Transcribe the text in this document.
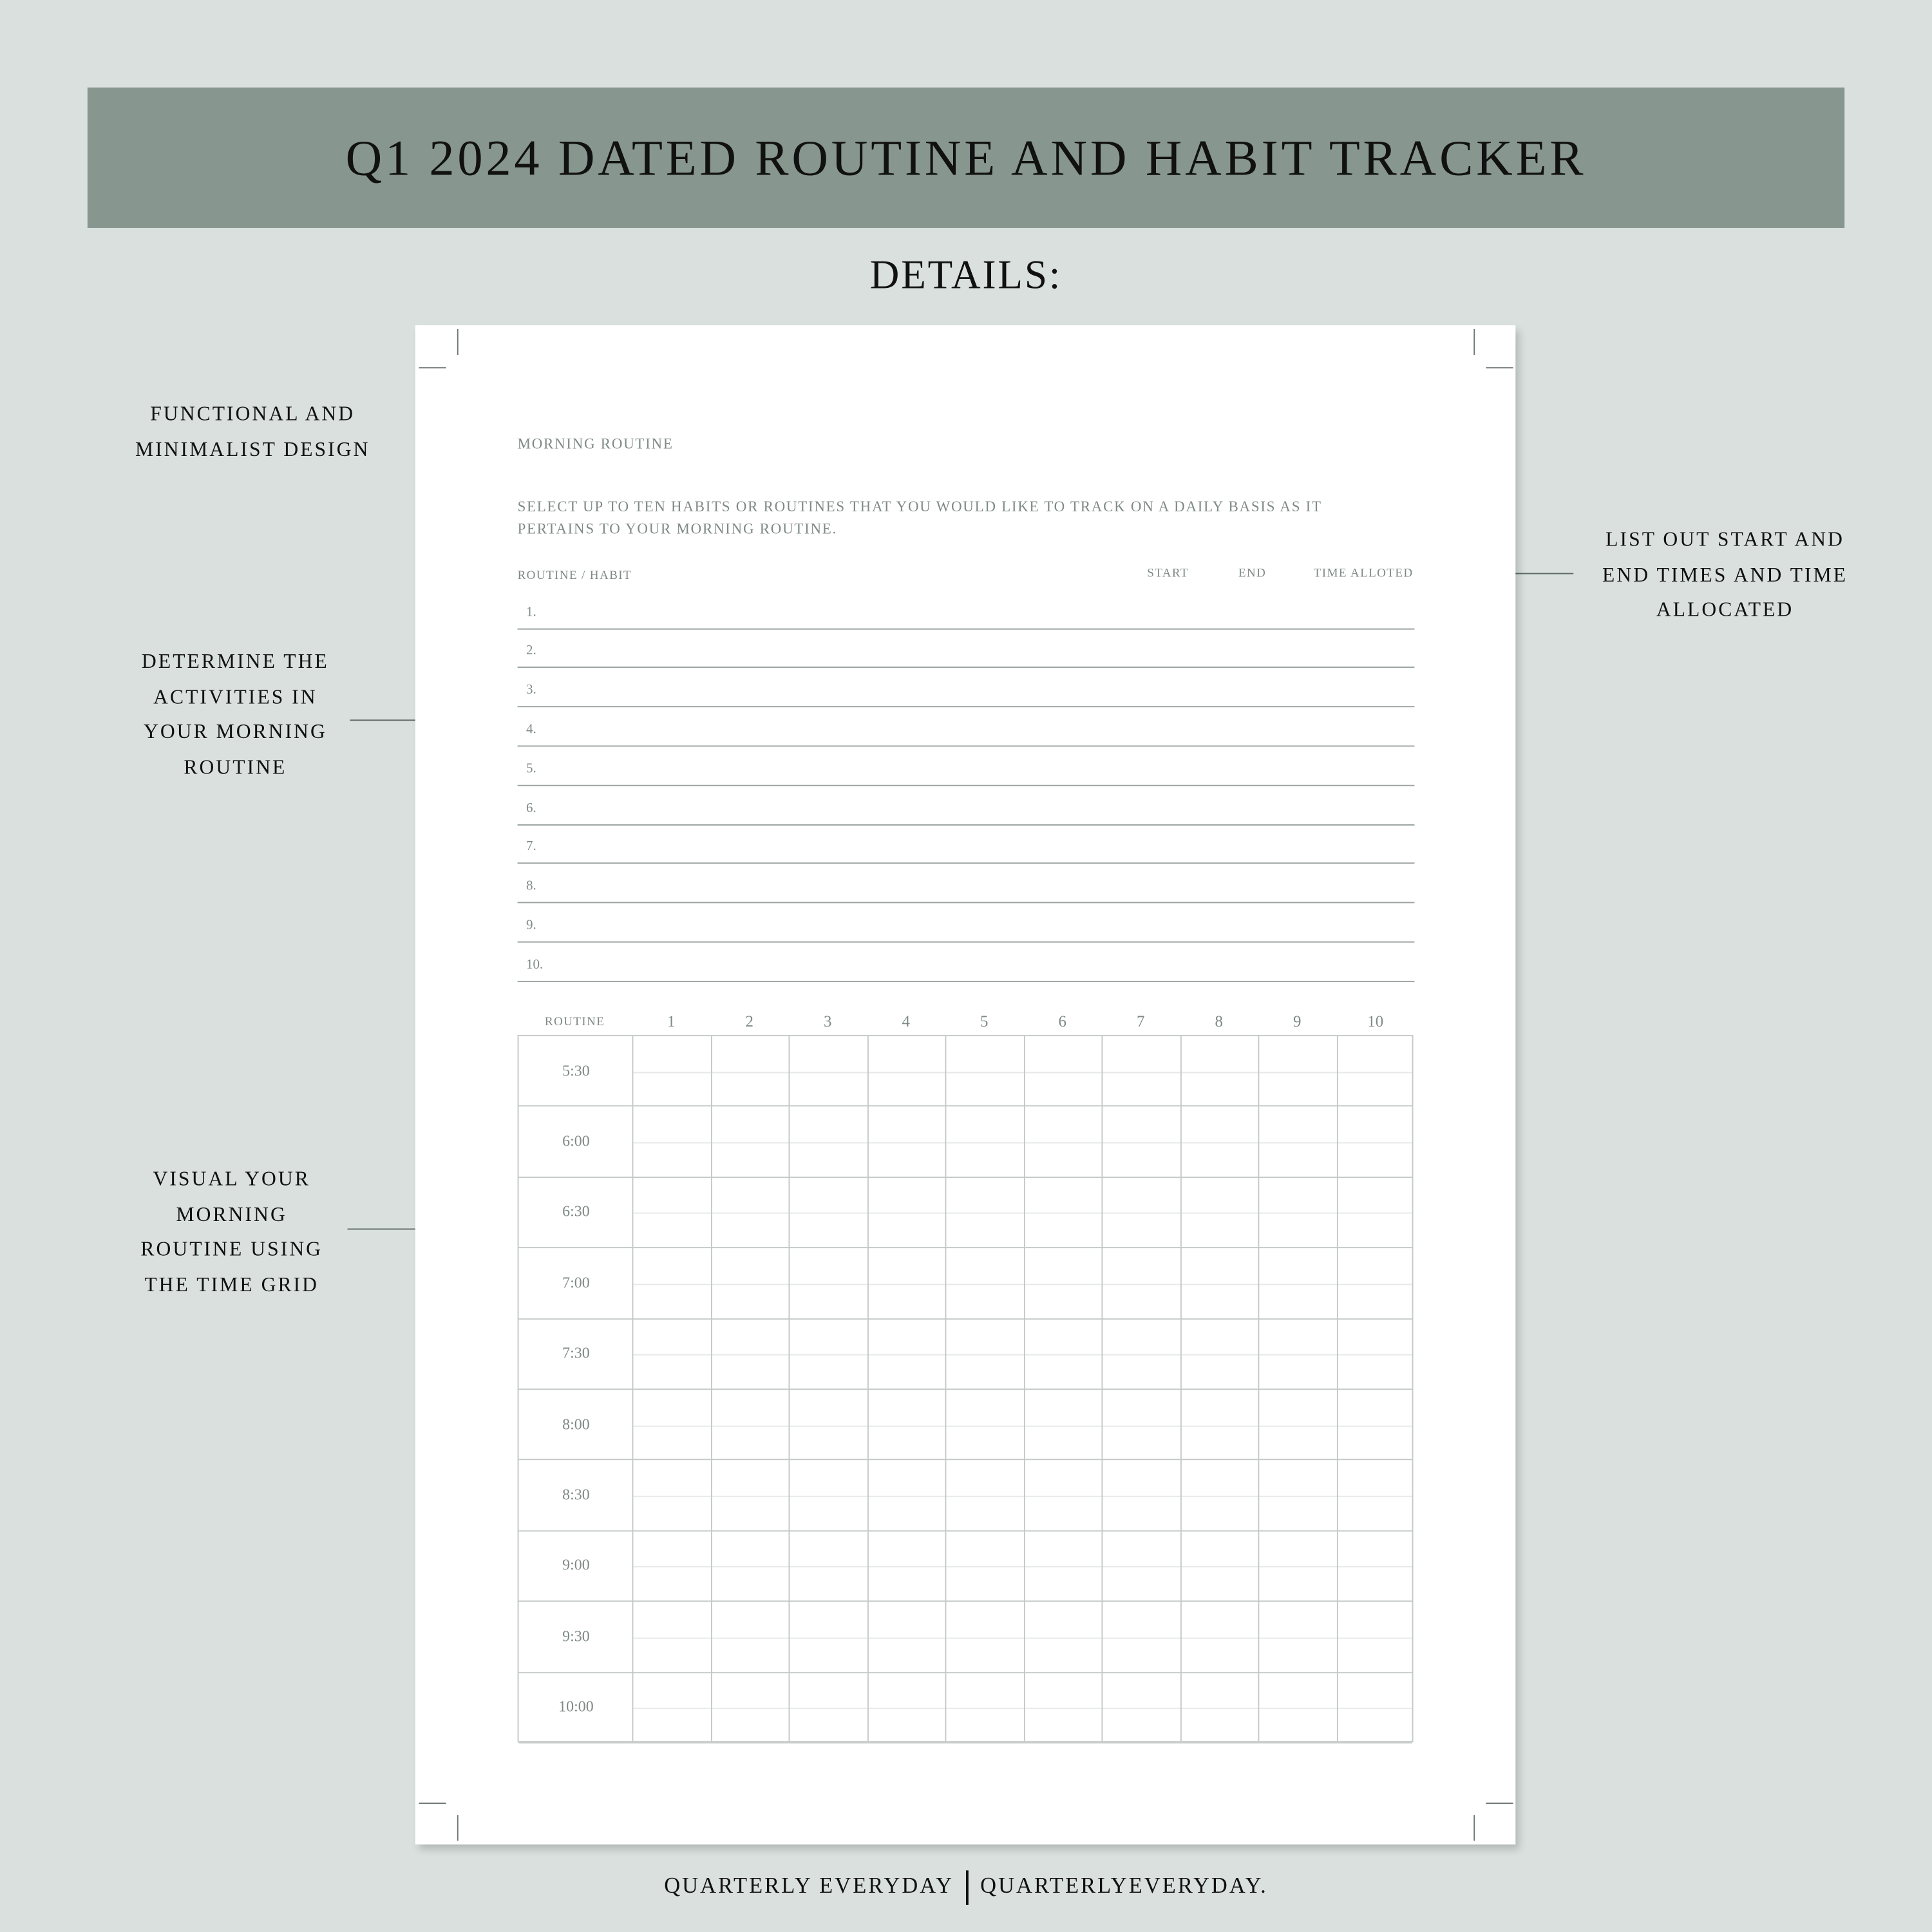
Q1 2024 DATED ROUTINE AND HABIT TRACKER
DETAILS:
FUNCTIONAL AND
MINIMALIST DESIGN
DETERMINE THE
ACTIVITIES IN
YOUR MORNING
ROUTINE
VISUAL YOUR
MORNING
ROUTINE USING
THE TIME GRID
LIST OUT START AND
END TIMES AND TIME
ALLOCATED
MORNING ROUTINE
SELECT UP TO TEN HABITS OR ROUTINES THAT YOU WOULD LIKE TO TRACK ON A DAILY BASIS AS IT
PERTAINS TO YOUR MORNING ROUTINE.
ROUTINE / HABIT	START	END	TIME ALLOTED
1.
2.
3.
4.
5.
6.
7.
8.
9.
10.
ROUTINE	1	2	3	4	5	6	7	8	9	10
5:30
6:00
6:30
7:00
7:30
8:00
8:30
9:00
9:30
10:00
QUARTERLY EVERYDAY QUARTERLYEVERYDAY.
